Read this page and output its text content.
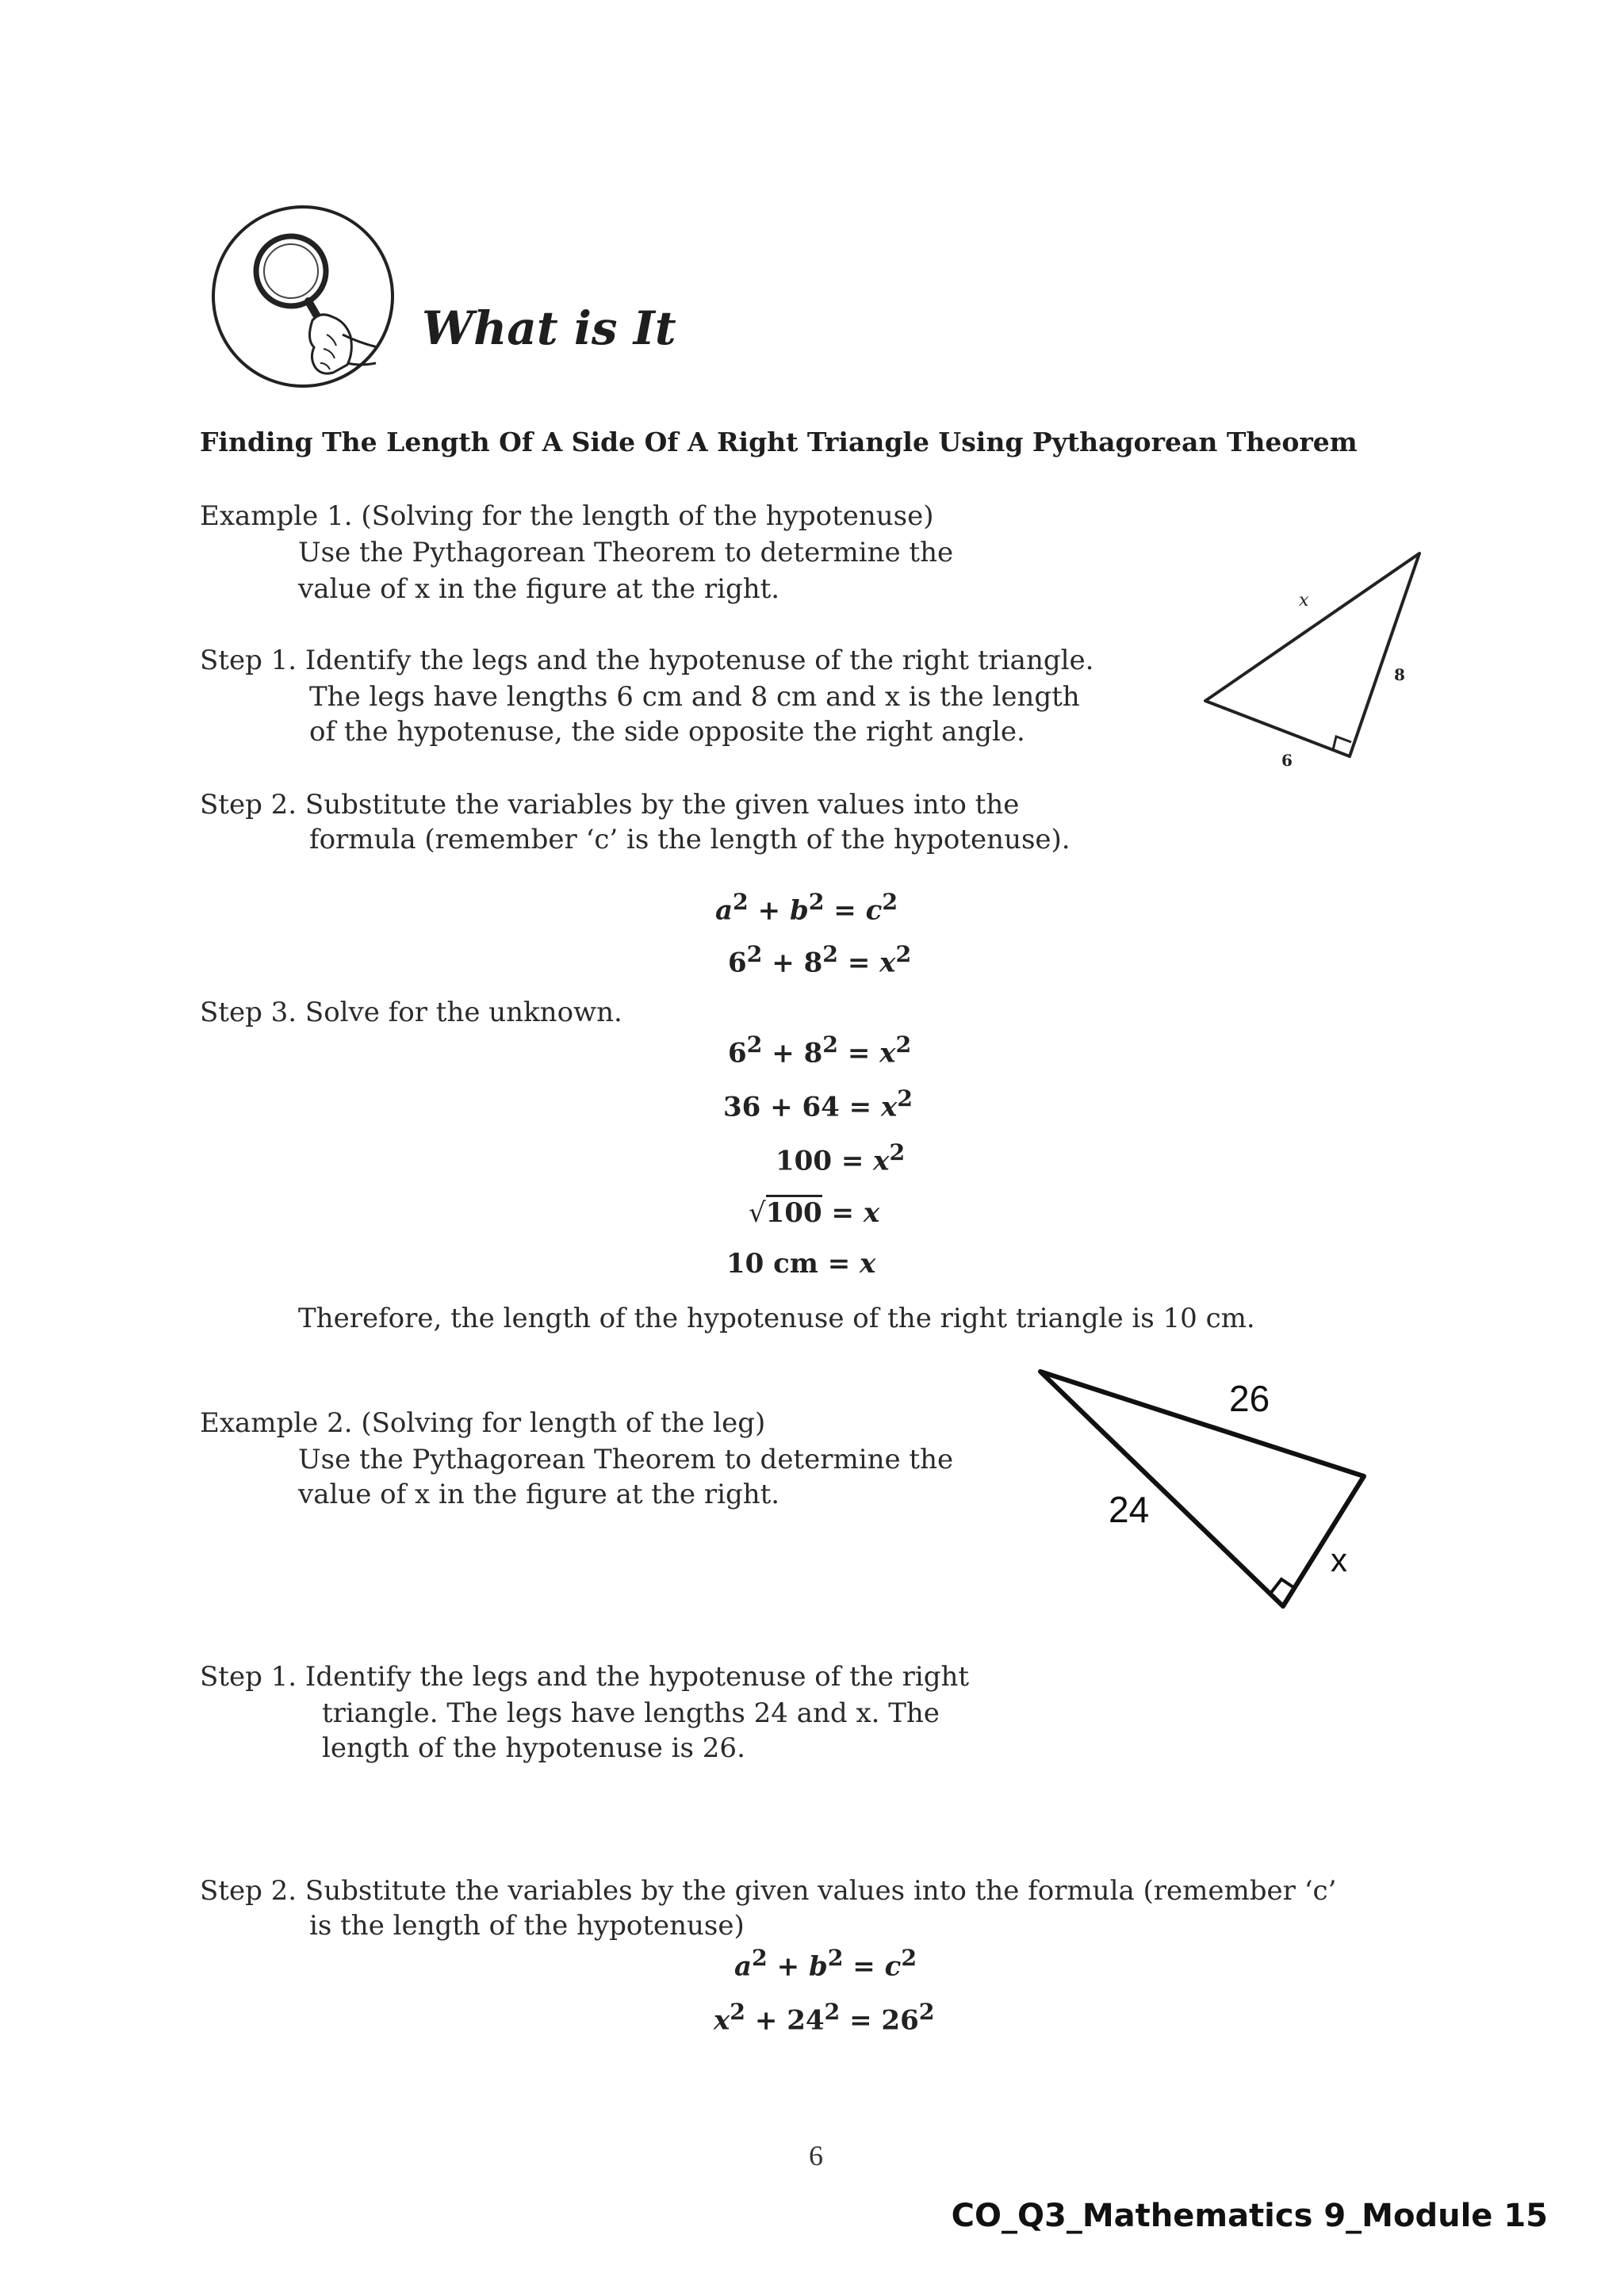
What is It
Finding The Length Of A Side Of A Right Triangle Using Pythagorean Theorem
Example 1. (Solving for the length of the hypotenuse)
Use the Pythagorean Theorem to determine the
value of x in the figure at the right.
Step 1. Identify the legs and the hypotenuse of the right triangle.
The legs have lengths 6 cm and 8 cm and x is the length
of the hypotenuse, the side opposite the right angle.
Step 2. Substitute the variables by the given values into the
formula (remember ‘c’ is the length of the hypotenuse).
x
8
6
$a^2 + b^2 = c^2$
$6^2 + 8^2 = x^2$
Step 3. Solve for the unknown.
$6^2 + 8^2 = x^2$
$36 + 64 = x^2$
$100 = x^2$
√100 = x
10 cm = x
Therefore, the length of the hypotenuse of the right triangle is 10 cm.
26
24
x
Example 2. (Solving for length of the leg)
Use the Pythagorean Theorem to determine the
value of x in the figure at the right.
Step 1. Identify the legs and the hypotenuse of the right
triangle. The legs have lengths 24 and x. The
length of the hypotenuse is 26.
Step 2. Substitute the variables by the given values into the formula (remember ‘c’
is the length of the hypotenuse)
$a^2 + b^2 = c^2$
$x^2 + 24^2 = 26^2$
6
CO_Q3_Mathematics 9_Module 15
